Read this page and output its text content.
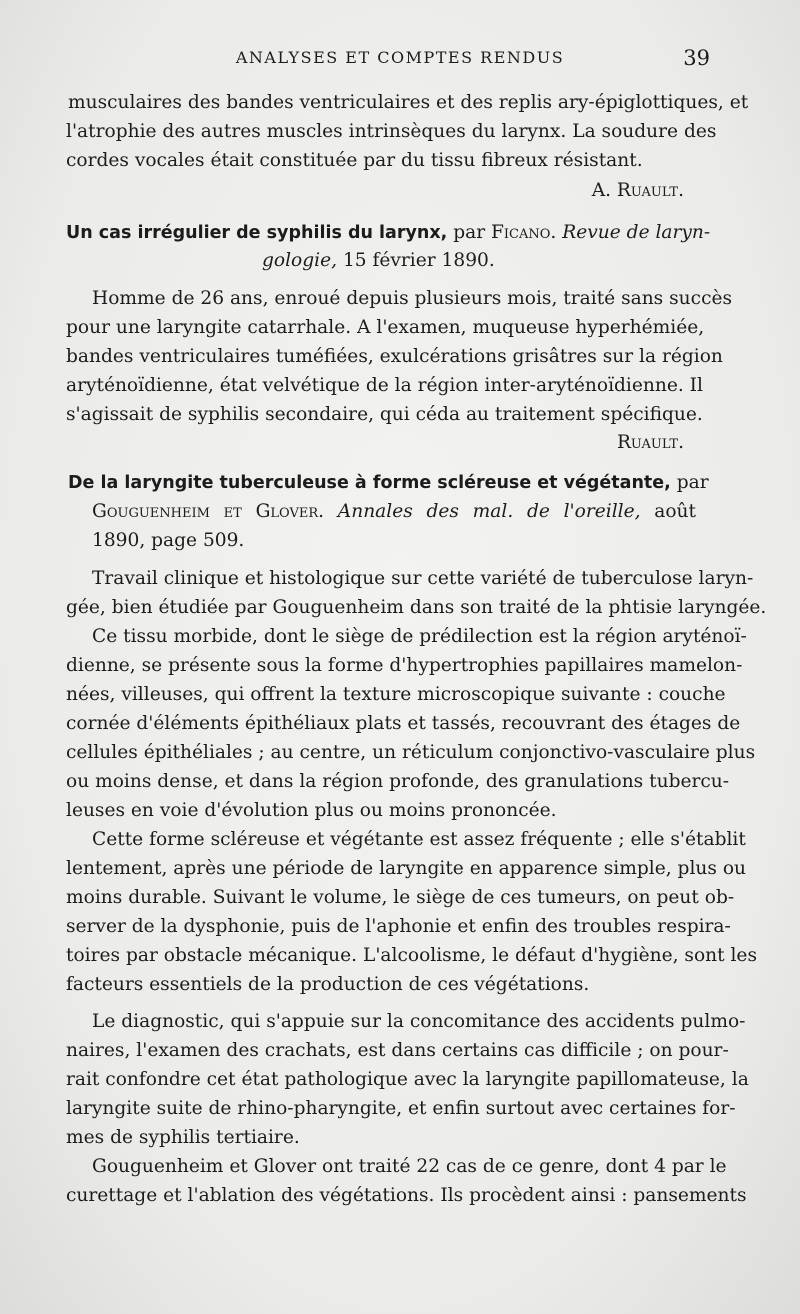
ANALYSES ET COMPTES RENDUS	39
musculaires des bandes ventriculaires et des replis ary-épiglottiques, et
l'atrophie des autres muscles intrinsèques du larynx. La soudure des
cordes vocales était constituée par du tissu fibreux résistant.
A. Ruault.
Un cas irrégulier de syphilis du larynx, par Ficano. Revue de laryn-
gologie, 15 février 1890.
Homme de 26 ans, enroué depuis plusieurs mois, traité sans succès
pour une laryngite catarrhale. A l'examen, muqueuse hyperhémiée,
bandes ventriculaires tuméfiées, exulcérations grisâtres sur la région
aryténoïdienne, état velvétique de la région inter-aryténoïdienne. Il
s'agissait de syphilis secondaire, qui céda au traitement spécifique.
Ruault.
De la laryngite tuberculeuse à forme scléreuse et végétante, par
Gouguenheim et Glover. Annales des mal. de l'oreille, août
1890, page 509.
Travail clinique et histologique sur cette variété de tuberculose laryn-
gée, bien étudiée par Gouguenheim dans son traité de la phtisie laryngée.
Ce tissu morbide, dont le siège de prédilection est la région aryténoï-
dienne, se présente sous la forme d'hypertrophies papillaires mamelon-
nées, villeuses, qui offrent la texture microscopique suivante : couche
cornée d'éléments épithéliaux plats et tassés, recouvrant des étages de
cellules épithéliales ; au centre, un réticulum conjonctivo-vasculaire plus
ou moins dense, et dans la région profonde, des granulations tubercu-
leuses en voie d'évolution plus ou moins prononcée.
Cette forme scléreuse et végétante est assez fréquente ; elle s'établit
lentement, après une période de laryngite en apparence simple, plus ou
moins durable. Suivant le volume, le siège de ces tumeurs, on peut ob-
server de la dysphonie, puis de l'aphonie et enfin des troubles respira-
toires par obstacle mécanique. L'alcoolisme, le défaut d'hygiène, sont les
facteurs essentiels de la production de ces végétations.
Le diagnostic, qui s'appuie sur la concomitance des accidents pulmo-
naires, l'examen des crachats, est dans certains cas difficile ; on pour-
rait confondre cet état pathologique avec la laryngite papillomateuse, la
laryngite suite de rhino-pharyngite, et enfin surtout avec certaines for-
mes de syphilis tertiaire.
Gouguenheim et Glover ont traité 22 cas de ce genre, dont 4 par le
curettage et l'ablation des végétations. Ils procèdent ainsi : pansements
